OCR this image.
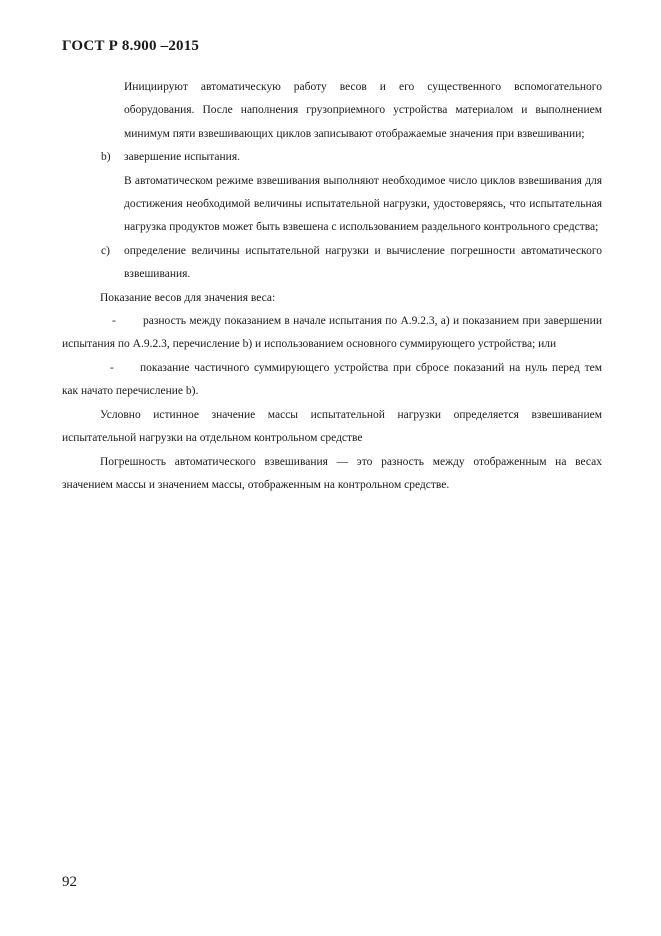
ГОСТ Р 8.900 –2015

Инициируют автоматическую работу весов и его существенного вспомогательного оборудования. После наполнения грузоприемного устройства материалом и выполнением минимум пяти взвешивающих циклов записывают отображаемые значения при взвешивании;

b) завершение испытания.

В автоматическом режиме взвешивания выполняют необходимое число циклов взвешивания для достижения необходимой величины испытательной нагрузки, удостоверяясь, что испытательная нагрузка продуктов может быть взвешена с использованием раздельного контрольного средства;

c) определение величины испытательной нагрузки и вычисление погрешности автоматического взвешивания.

Показание весов для значения веса:

- разность между показанием в начале испытания по А.9.2.3, а) и показанием при завершении испытания по А.9.2.3, перечисление b) и использованием основного суммирующего устройства; или

- показание частичного суммирующего устройства при сбросе показаний на нуль перед тем как начато перечисление b).

Условно истинное значение массы испытательной нагрузки определяется взвешиванием испытательной нагрузки на отдельном контрольном средстве

Погрешность автоматического взвешивания — это разность между отображенным на весах значением массы и значением массы, отображенным на контрольном средстве.

92
